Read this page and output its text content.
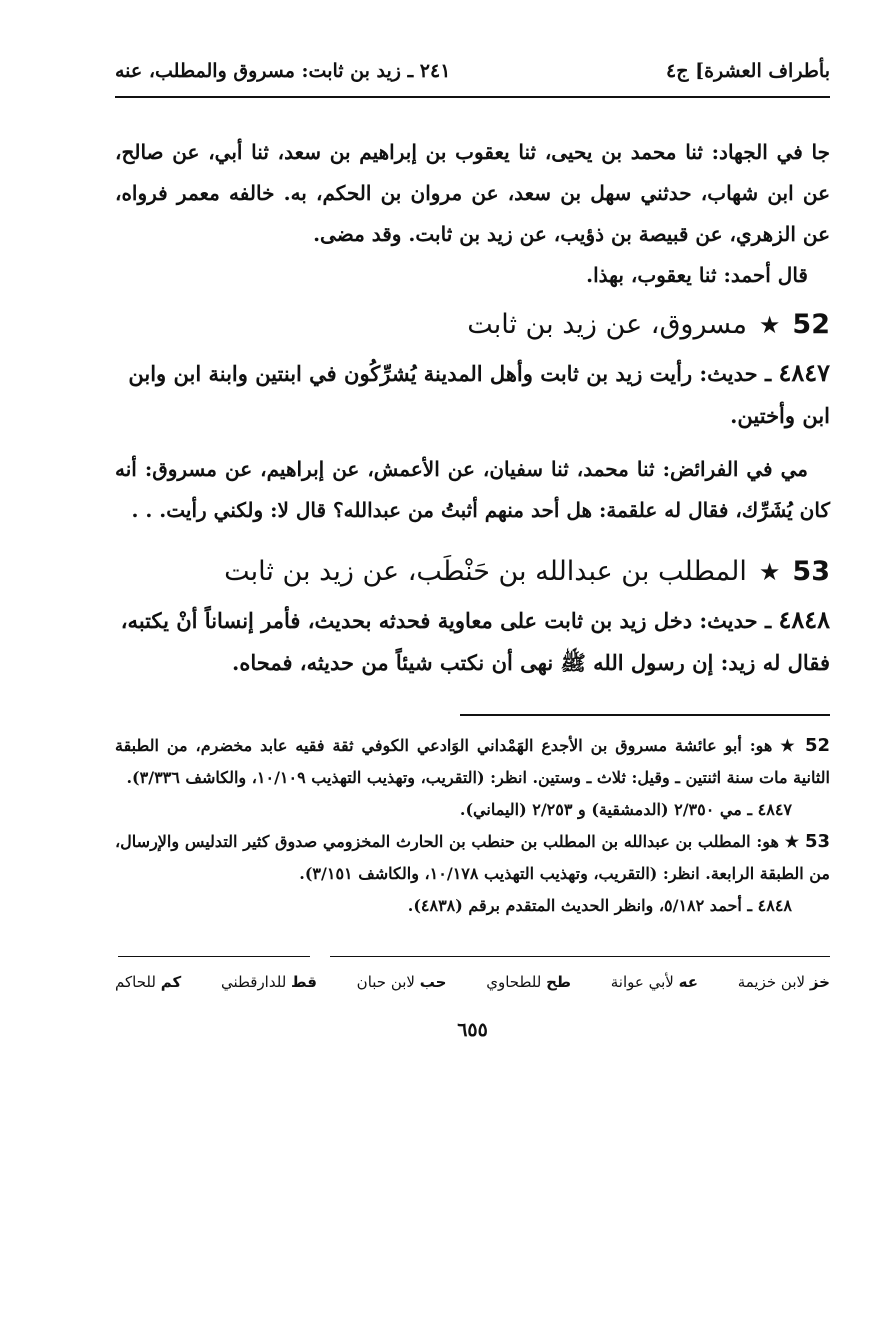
بأطراف العشرة] ج٤
٢٤١ ـ زيد بن ثابت: مسروق والمطلب، عنه

جا في الجهاد: ثنا محمد بن يحيى، ثنا يعقوب بن إبراهيم بن سعد، ثنا أبي، عن صالح، عن ابن شهاب، حدثني سهل بن سعد، عن مروان بن الحكم، به. خالفه معمر فرواه، عن الزهري، عن قبيصة بن ذؤيب، عن زيد بن ثابت. وقد مضى.

قال أحمد: ثنا يعقوب، بهذا.

52
★
مسروق، عن زيد بن ثابت

٤٨٤٧ ـ حديث: رأيت زيد بن ثابت وأهل المدينة يُشرِّكُون في ابنتين وابنة ابن وابن ابن وأختين.

مي في الفرائض: ثنا محمد، ثنا سفيان، عن الأعمش، عن إبراهيم، عن مسروق: أنه كان يُشَرِّك، فقال له علقمة: هل أحد منهم أثبتُ من عبدالله؟ قال لا: ولكني رأيت. . .

53
★
المطلب بن عبدالله بن حَنْطَب، عن زيد بن ثابت

٤٨٤٨ ـ حديث: دخل زيد بن ثابت على معاوية فحدثه بحديث، فأمر إنساناً أنْ يكتبه، فقال له زيد: إن رسول الله ﷺ نهى أن نكتب شيئاً من حديثه، فمحاه.

52 ★ هو: أبو عائشة مسروق بن الأجدع الهَمْداني الوَادعي الكوفي ثقة فقيه عابد مخضرم، من الطبقة الثانية مات سنة اثنتين ـ وقيل: ثلاث ـ وستين. انظر: (التقريب، وتهذيب التهذيب ١٠/١٠٩، والكاشف ٣/٣٣٦).

٤٨٤٧ ـ مي ٢/٣٥٠ (الدمشقية) و ٢/٢٥٣ (اليماني).

53 ★ هو: المطلب بن عبدالله بن المطلب بن حنطب بن الحارث المخزومي صدوق كثير التدليس والإرسال، من الطبقة الرابعة. انظر: (التقريب، وتهذيب التهذيب ١٠/١٧٨، والكاشف ٣/١٥١).

٤٨٤٨ ـ أحمد ٥/١٨٢، وانظر الحديث المتقدم برقم (٤٨٣٨).

خز لابن خزيمة
عه لأبي عوانة
طح للطحاوي
حب لابن حبان
قط للدارقطني
كم للحاكم
٦٥٥
